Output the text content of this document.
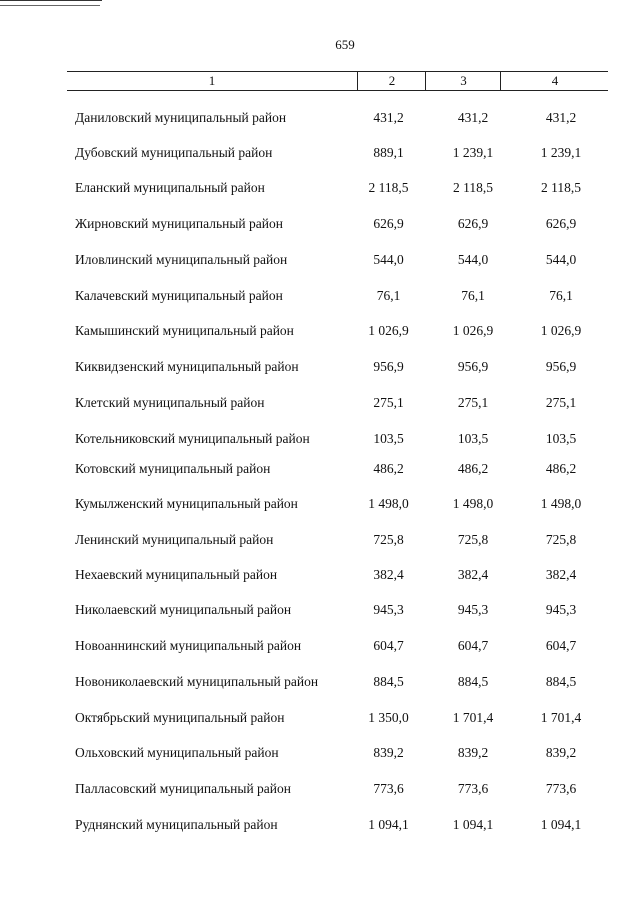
659
1	2	3	4
Даниловский муниципальный район	431,2	431,2	431,2
Дубовский муниципальный район	889,1	1 239,1	1 239,1
Еланский муниципальный район	2 118,5	2 118,5	2 118,5
Жирновский муниципальный район	626,9	626,9	626,9
Иловлинский муниципальный район	544,0	544,0	544,0
Калачевский муниципальный район	76,1	76,1	76,1
Камышинский муниципальный район	1 026,9	1 026,9	1 026,9
Киквидзенский муниципальный район	956,9	956,9	956,9
Клетский муниципальный район	275,1	275,1	275,1
Котельниковский муниципальный район	103,5	103,5	103,5
Котовский муниципальный район	486,2	486,2	486,2
Кумылженский муниципальный район	1 498,0	1 498,0	1 498,0
Ленинский муниципальный район	725,8	725,8	725,8
Нехаевский муниципальный район	382,4	382,4	382,4
Николаевский муниципальный район	945,3	945,3	945,3
Новоаннинский муниципальный район	604,7	604,7	604,7
Новониколаевский муниципальный район	884,5	884,5	884,5
Октябрьский муниципальный район	1 350,0	1 701,4	1 701,4
Ольховский муниципальный район	839,2	839,2	839,2
Палласовский муниципальный район	773,6	773,6	773,6
Руднянский муниципальный район	1 094,1	1 094,1	1 094,1
